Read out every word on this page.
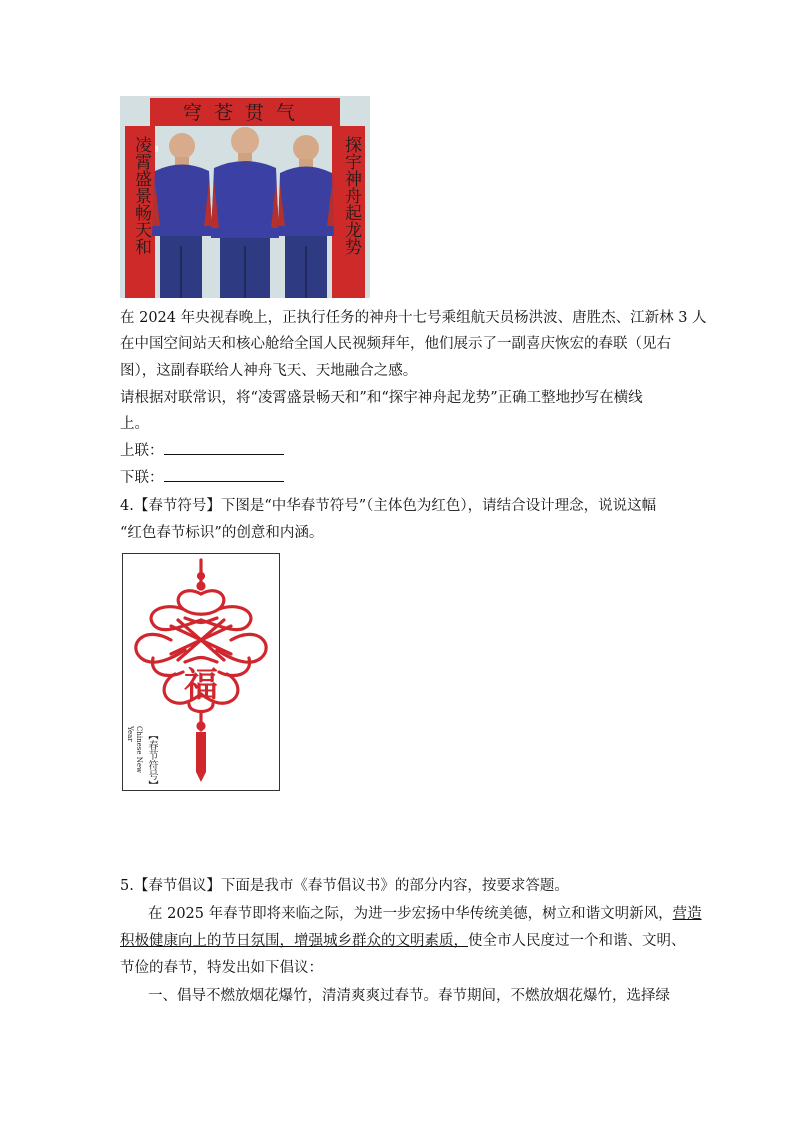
穹苍贯气
凌霄盛景畅天和	探宇神舟起龙势
在 2024 年央视春晚上，正执行任务的神舟十七号乘组航天员杨洪波、唐胜杰、江新林 3 人
在中国空间站天和核心舱给全国人民视频拜年，他们展示了一副喜庆恢宏的春联（见右
图），这副春联给人神舟飞天、天地融合之感。
请根据对联常识，将“凌霄盛景畅天和”和“探宇神舟起龙势”正确工整地抄写在横线
上。
上联：
下联：
4.【春节符号】下图是“中华春节符号”（主体色为红色），请结合设计理念，说说这幅
“红色春节标识”的创意和内涵。
福
【春节符号】
Chinese New Year
5.【春节倡议】下面是我市《春节倡议书》的部分内容，按要求答题。
在 2025 年春节即将来临之际，为进一步宏扬中华传统美德，树立和谐文明新风，营造
积极健康向上的节日氛围，增强城乡群众的文明素质，使全市人民度过一个和谐、文明、
节俭的春节，特发出如下倡议：
一、倡导不燃放烟花爆竹，清清爽爽过春节。春节期间，不燃放烟花爆竹，选择绿
